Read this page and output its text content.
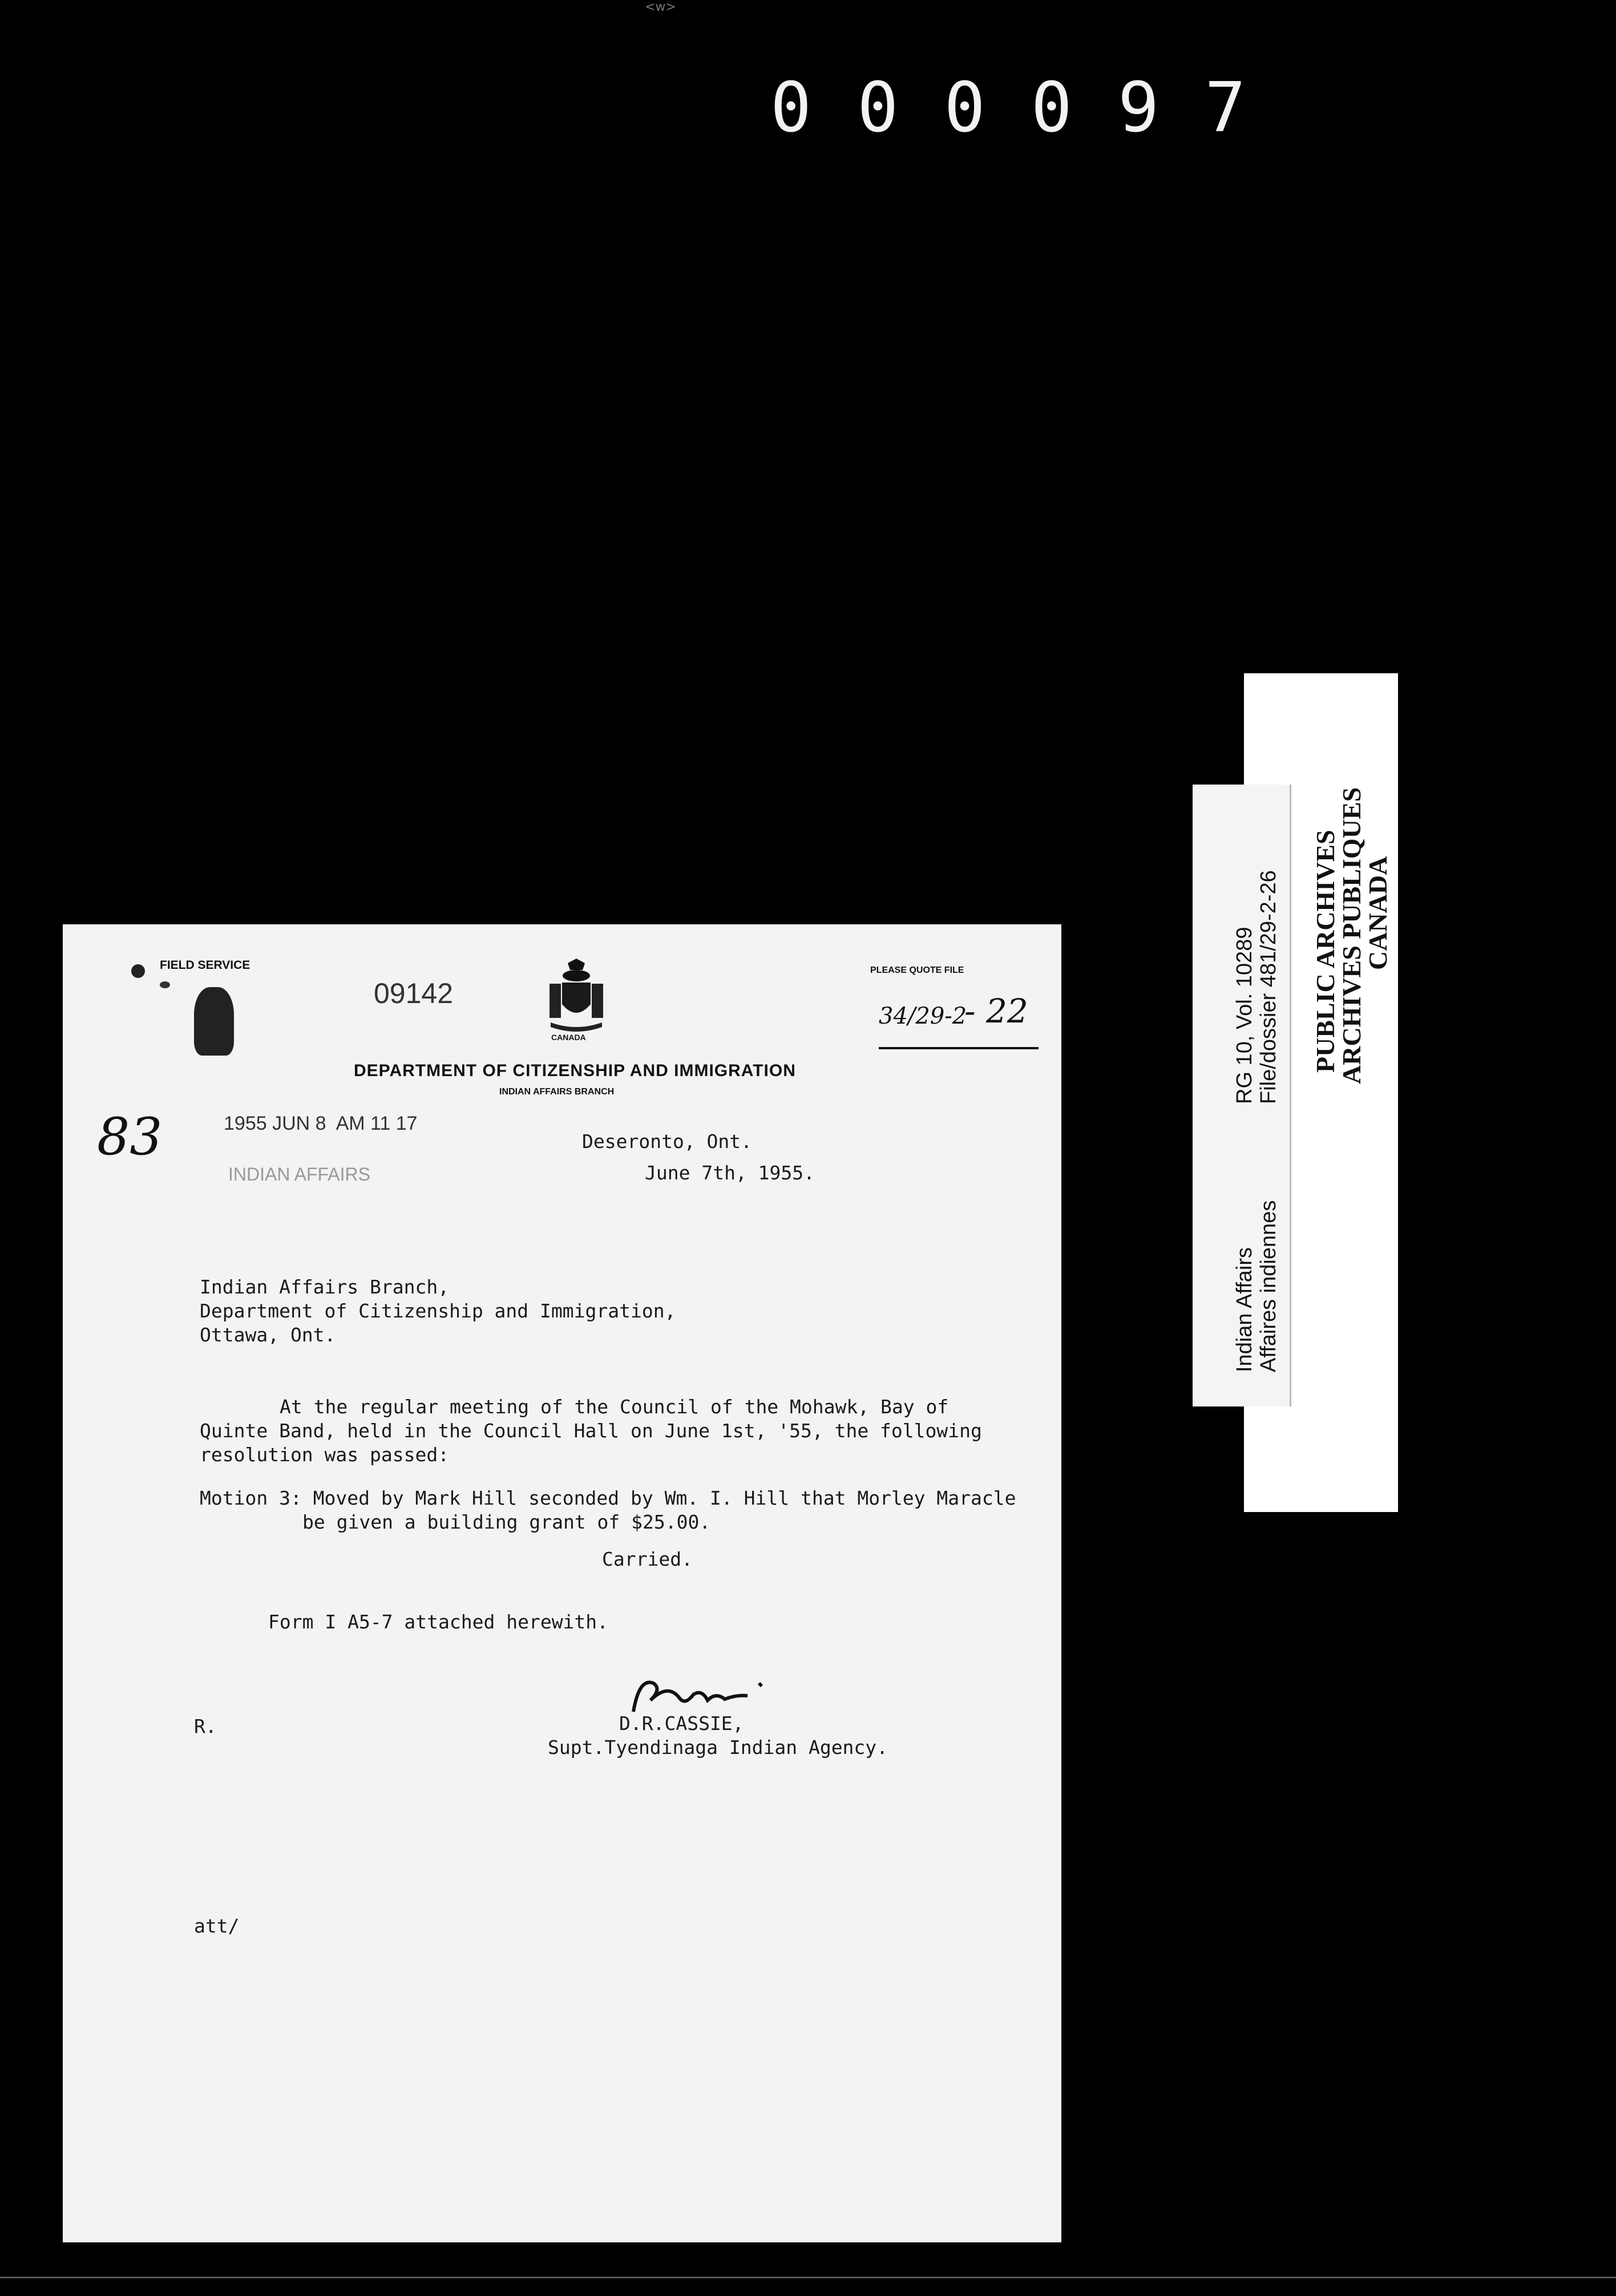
<w>
000097
PUBLIC ARCHIVES
ARCHIVES PUBLIQUES
CANADA
Indian Affairs Affaires indiennes
RG 10, Vol. 10289 File/dossier 481/29-2-26
FIELD SERVICE
09142
CANADA
PLEASE QUOTE FILE
34/29-2
- 22
DEPARTMENT OF CITIZENSHIP AND IMMIGRATION
INDIAN AFFAIRS BRANCH
83	1955 JUN 8  AM 11 17
INDIAN AFFAIRS
Deseronto, Ont.
June 7th, 1955.
Indian Affairs Branch,
Department of Citizenship and Immigration,
Ottawa, Ont.
At the regular meeting of the Council of the Mohawk, Bay of
Quinte Band, held in the Council Hall on June 1st, '55, the following
resolution was passed:
Motion 3: Moved by Mark Hill seconded by Wm. I. Hill that Morley Maracle
be given a building grant of $25.00.
Carried.
Form I A5-7 attached herewith.
D.R.CASSIE,
Supt.Tyendinaga Indian Agency.
R.
att/
